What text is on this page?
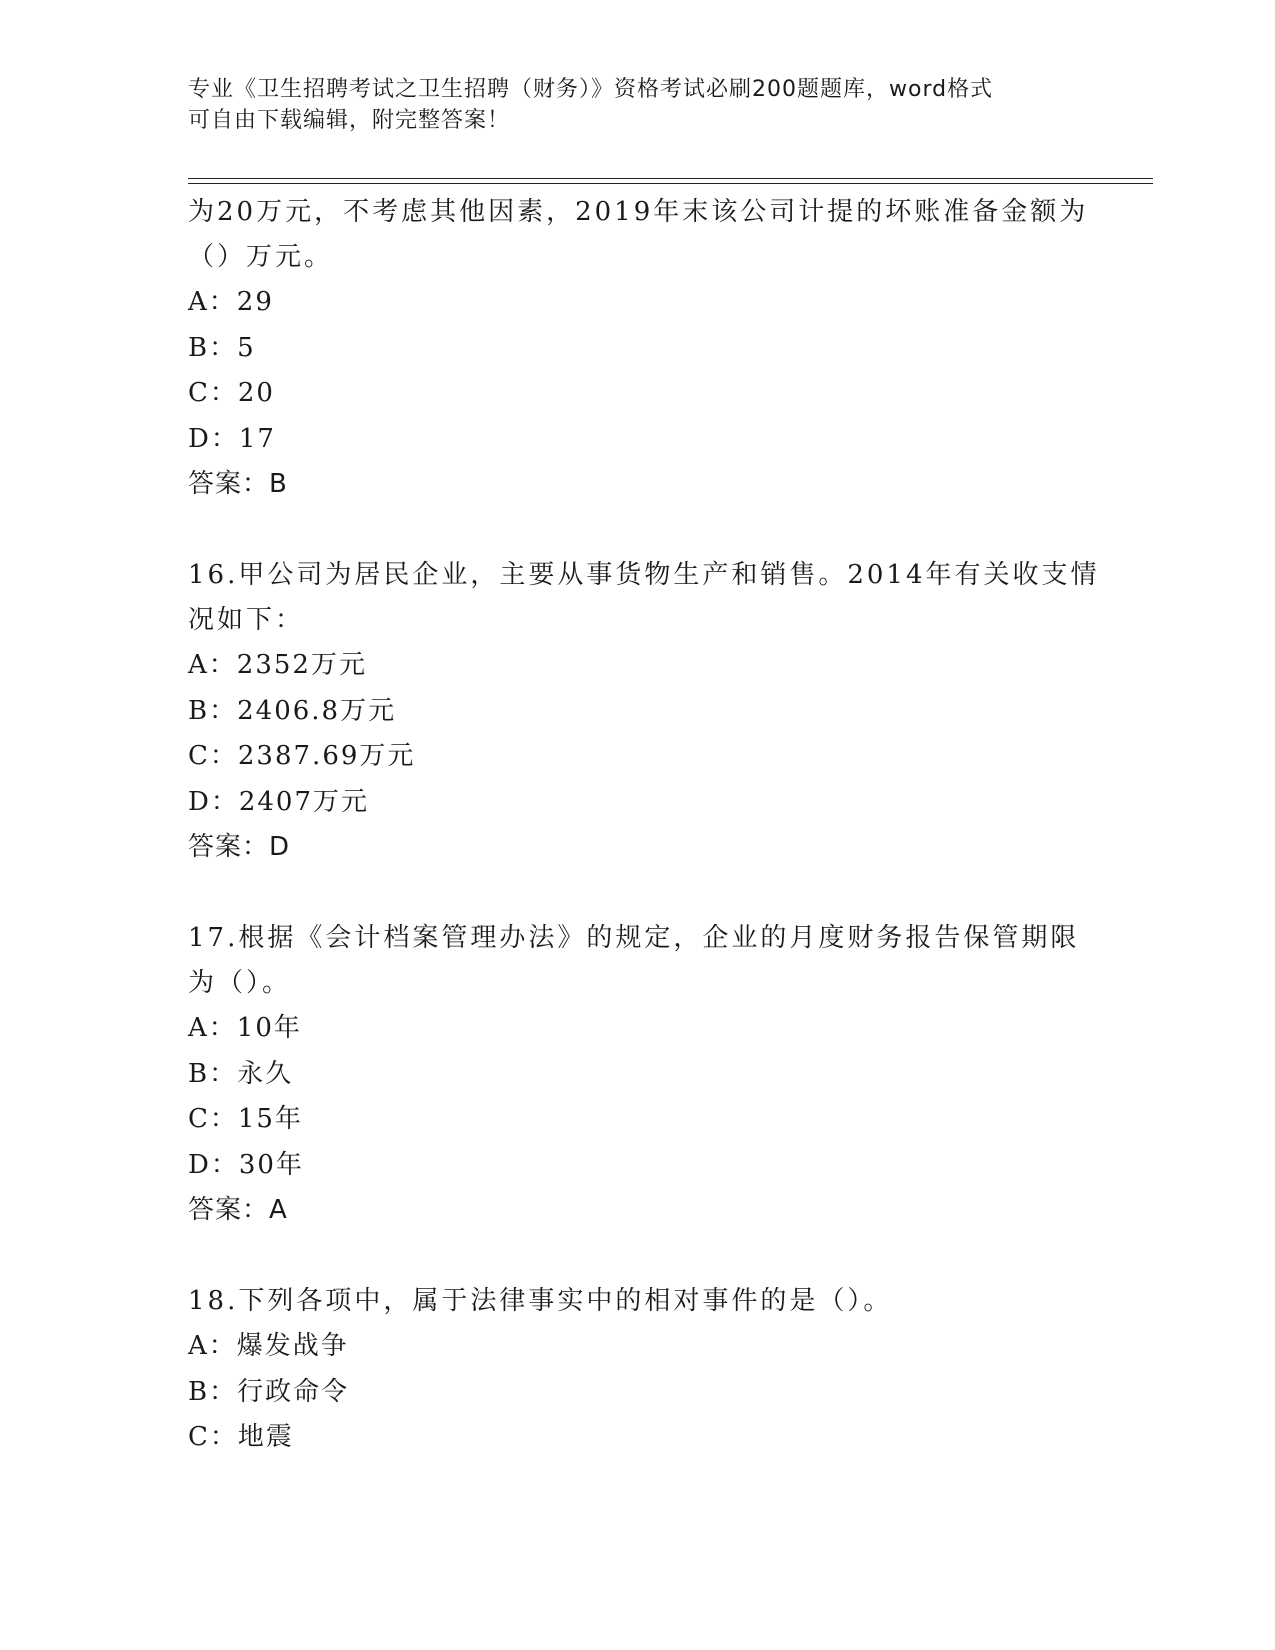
专业《卫生招聘考试之卫生招聘（财务）》资格考试必刷200题题库，word格式
可自由下载编辑，附完整答案！
为20万元，不考虑其他因素，2019年末该公司计提的坏账准备金额为
（）万元。
A：29
B：5
C：20
D：17
答案：B
16.甲公司为居民企业，主要从事货物生产和销售。2014年有关收支情
况如下：
A：2352万元
B：2406.8万元
C：2387.69万元
D：2407万元
答案：D
17.根据《会计档案管理办法》的规定，企业的月度财务报告保管期限
为（）。
A：10年
B：永久
C：15年
D：30年
答案：A
18.下列各项中，属于法律事实中的相对事件的是（）。
A：爆发战争
B：行政命令
C：地震
